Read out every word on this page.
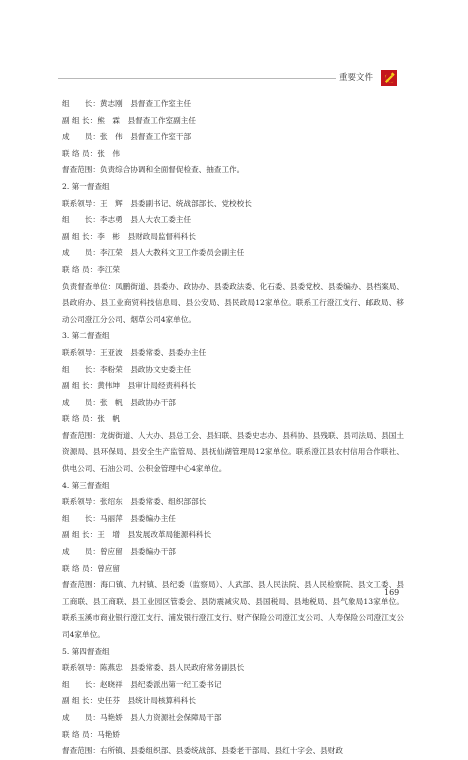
重要文件
组　　长：黄志刚　县督查工作室主任
副 组 长：熊　霖　县督查工作室副主任
成　　员：张　伟　县督查工作室干部
联 络 员：张　伟
督查范围：负责综合协调和全面督促检查、抽查工作。
2. 第一督查组
联系领导：王　辉　县委副书记、统战部部长、党校校长
组　　长：李志勇　县人大农工委主任
副 组 长：李　彬　县财政局监督科科长
成　　员：李江荣　县人大教科文卫工作委员会副主任
联 络 员：李江荣
负责督查单位：凤鹏街道、县委办、政协办、县委政法委、化石委、县委党校、县委编办、县档案局、县政府办、县工业商贸科技信息局、县公安局、县民政局12家单位。联系工行澄江支行、邮政局、移动公司澄江分公司、烟草公司4家单位。
3. 第二督查组
联系领导：王亚波　县委常委、县委办主任
组　　长：李粉荣　县政协文史委主任
副 组 长：黄伟坤　县审计局经责科科长
成　　员：张　帆　县政协办干部
联 络 员：张　帆
督查范围：龙街街道、人大办、县总工会、县妇联、县委史志办、县科协、县残联、县司法局、县国土资源局、县环保局、县安全生产监管局、县抚仙湖管理局12家单位。联系澄江县农村信用合作联社、供电公司、石油公司、公积金管理中心4家单位。
4. 第三督查组
联系领导：张绍东　县委常委、组织部部长
组　　长：马丽萍　县委编办主任
副 组 长：王　增　县发展改革局能源科科长
成　　员：曾应留　县委编办干部
联 络 员：曾应留
督查范围：海口镇、九村镇、县纪委（监察局）、人武部、县人民法院、县人民检察院、县文工委、县工商联、县工商联、县工业园区管委会、县防震减灾局、县国税局、县地税局、县气象局13家单位。联系玉溪市商业银行澄江支行、浦发银行澄江支行、财产保险公司澄江支公司、人寿保险公司澄江支公司4家单位。
5. 第四督查组
联系领导：陈燕忠　县委常委、县人民政府常务副县长
组　　长：赵晓祥　县纪委派出第一纪工委书记
副 组 长：史任芬　县统计局核算科科长
成　　员：马艳娇　县人力资源社会保障局干部
联 络 员：马艳娇
督查范围：右所镇、县委组织部、县委统战部、县委老干部局、县红十字会、县财政
169
